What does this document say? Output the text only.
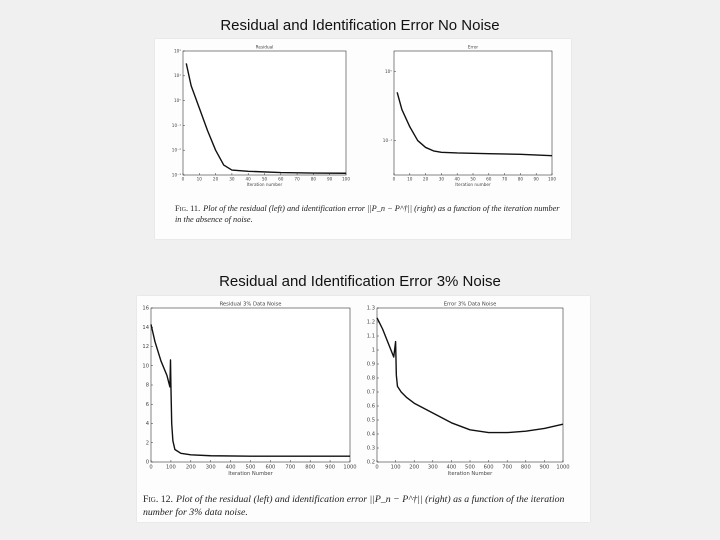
Residual and Identification Error No Noise
Residual
0	10	20	30	40	50	60	70	80	90 100
Iteration number
10⁻³
10⁻²
10⁻¹
10⁰
10¹
10²
Error
0	10 20 30 40 50 60 70 80 90 100
Iteration number
10⁻¹
10⁰
Fig. 11. Plot of the residual (left) and identification error ||P_n − P^†|| (right) as a function of the iteration number in the absence of noise.
Residual and Identification Error 3% Noise
Residual 3% Data Noise
0	100 200 300 400 500 600 700 800 900 1000
Iteration Number
0
2
4
6
8
10
12
14
16
Error 3% Data Noise
0 100 200 300 400 500 600 700 800 900 1000
Iteration Number
0.2
0.3
0.4
0.5
0.6
0.7
0.8
0.9
1
1.1
1.2
1.3
Fig. 12. Plot of the residual (left) and identification error ||P_n − P^†|| (right) as a function of the iteration number for 3% data noise.
